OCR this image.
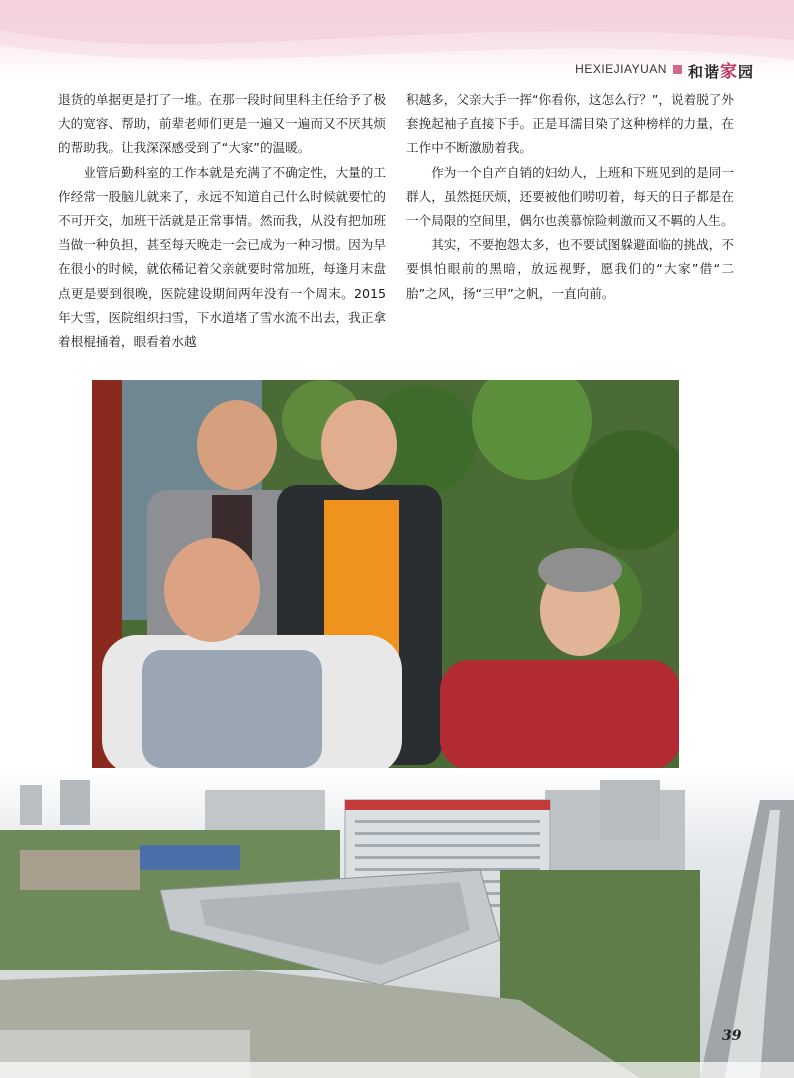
HEXIEJIAYUAN 和谐家园

退货的单据更是打了一堆。在那一段时间里科主任给予了极大的宽容、帮助，前辈老师们更是一遍又一遍而又不厌其烦的帮助我。让我深深感受到了“大家”的温暖。

业管后勤科室的工作本就是充满了不确定性，大量的工作经常一股脑儿就来了，永远不知道自己什么时候就要忙的不可开交，加班干活就是正常事情。然而我，从没有把加班当做一种负担，甚至每天晚走一会已成为一种习惯。因为早在很小的时候，就依稀记着父亲就要时常加班，每逢月末盘点更是要到很晚，医院建设期间两年没有一个周末。2015年大雪，医院组织扫雪，下水道堵了雪水流不出去，我正拿着根棍捅着，眼看着水越

积越多，父亲大手一挥“你看你，这怎么行？”，说着脱了外套挽起袖子直接下手。正是耳濡目染了这种榜样的力量，在工作中不断激励着我。

作为一个自产自销的妇幼人，上班和下班见到的是同一群人，虽然挺厌烦，还要被他们唠叨着，每天的日子都是在一个局限的空间里，偶尔也羡慕惊险刺激而又不羁的人生。

其实，不要抱怨太多，也不要试图躲避面临的挑战，不要惧怕眼前的黑暗，放远视野，愿我们的“大家”借“二胎”之风，扬“三甲”之帆，一直向前。

39
